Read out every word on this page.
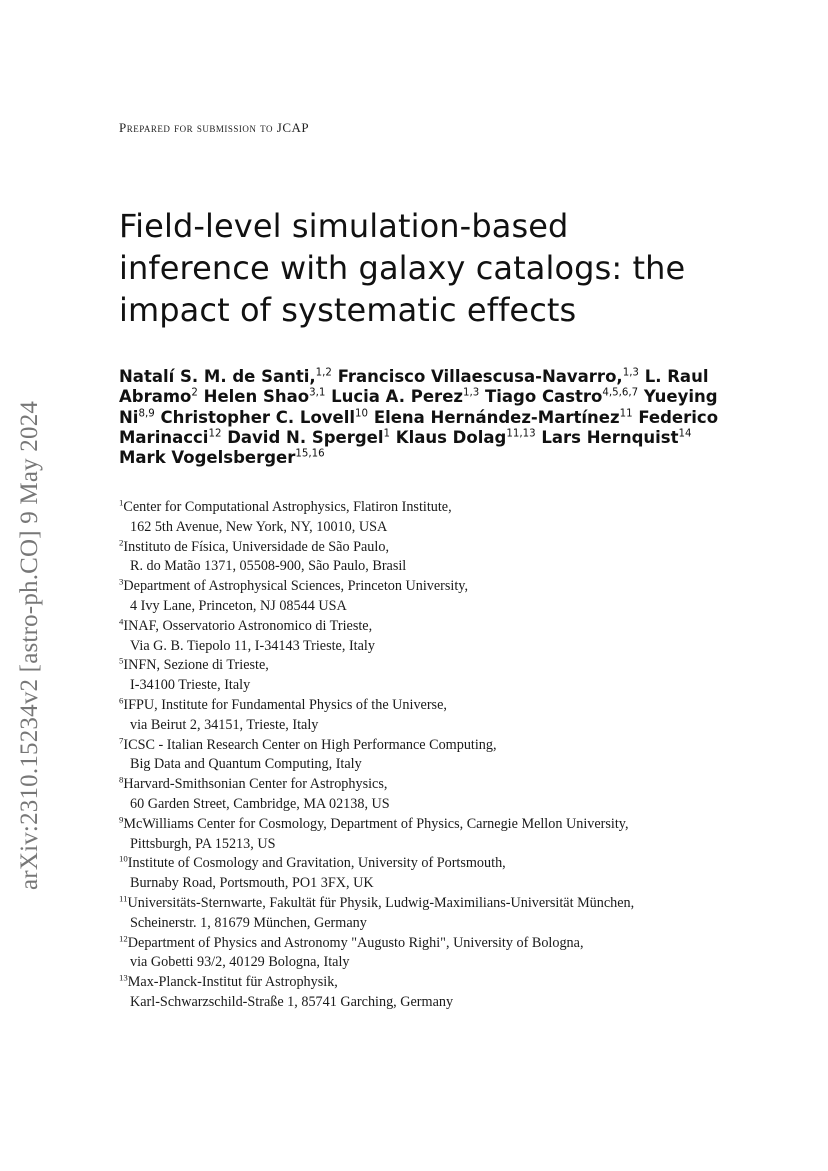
arXiv:2310.15234v2 [astro-ph.CO] 9 May 2024
Prepared for submission to JCAP
Field-level simulation-based
inference with galaxy catalogs: the
impact of systematic effects
Natalí S. M. de Santi,$^{1,2}$ Francisco Villaescusa-Navarro,$^{1,3}$ L. Raul Abramo$^2$ Helen Shao$^{3,1}$ Lucia A. Perez$^{1,3}$ Tiago Castro$^{4,5,6,7}$ Yueying Ni$^{8,9}$ Christopher C. Lovell$^{10}$ Elena Hernández-Martínez$^{11}$ Federico Marinacci$^{12}$ David N. Spergel$^1$ Klaus Dolag$^{11,13}$ Lars Hernquist$^{14}$ Mark Vogelsberger$^{15,16}$

$^1$Center for Computational Astrophysics, Flatiron Institute,
162 5th Avenue, New York, NY, 10010, USA

$^2$Instituto de Física, Universidade de São Paulo,
R. do Matão 1371, 05508-900, São Paulo, Brasil

$^3$Department of Astrophysical Sciences, Princeton University,
4 Ivy Lane, Princeton, NJ 08544 USA

$^4$INAF, Osservatorio Astronomico di Trieste,
Via G. B. Tiepolo 11, I-34143 Trieste, Italy

$^5$INFN, Sezione di Trieste,
I-34100 Trieste, Italy

$^6$IFPU, Institute for Fundamental Physics of the Universe,
via Beirut 2, 34151, Trieste, Italy

$^7$ICSC - Italian Research Center on High Performance Computing,
Big Data and Quantum Computing, Italy

$^8$Harvard-Smithsonian Center for Astrophysics,
60 Garden Street, Cambridge, MA 02138, US

$^9$McWilliams Center for Cosmology, Department of Physics, Carnegie Mellon University,
Pittsburgh, PA 15213, US

$^{10}$Institute of Cosmology and Gravitation, University of Portsmouth,
Burnaby Road, Portsmouth, PO1 3FX, UK

$^{11}$Universitäts-Sternwarte, Fakultät für Physik, Ludwig-Maximilians-Universität München,
Scheinerstr. 1, 81679 München, Germany

$^{12}$Department of Physics and Astronomy "Augusto Righi", University of Bologna,
via Gobetti 93/2, 40129 Bologna, Italy

$^{13}$Max-Planck-Institut für Astrophysik,
Karl-Schwarzschild-Straße 1, 85741 Garching, Germany
